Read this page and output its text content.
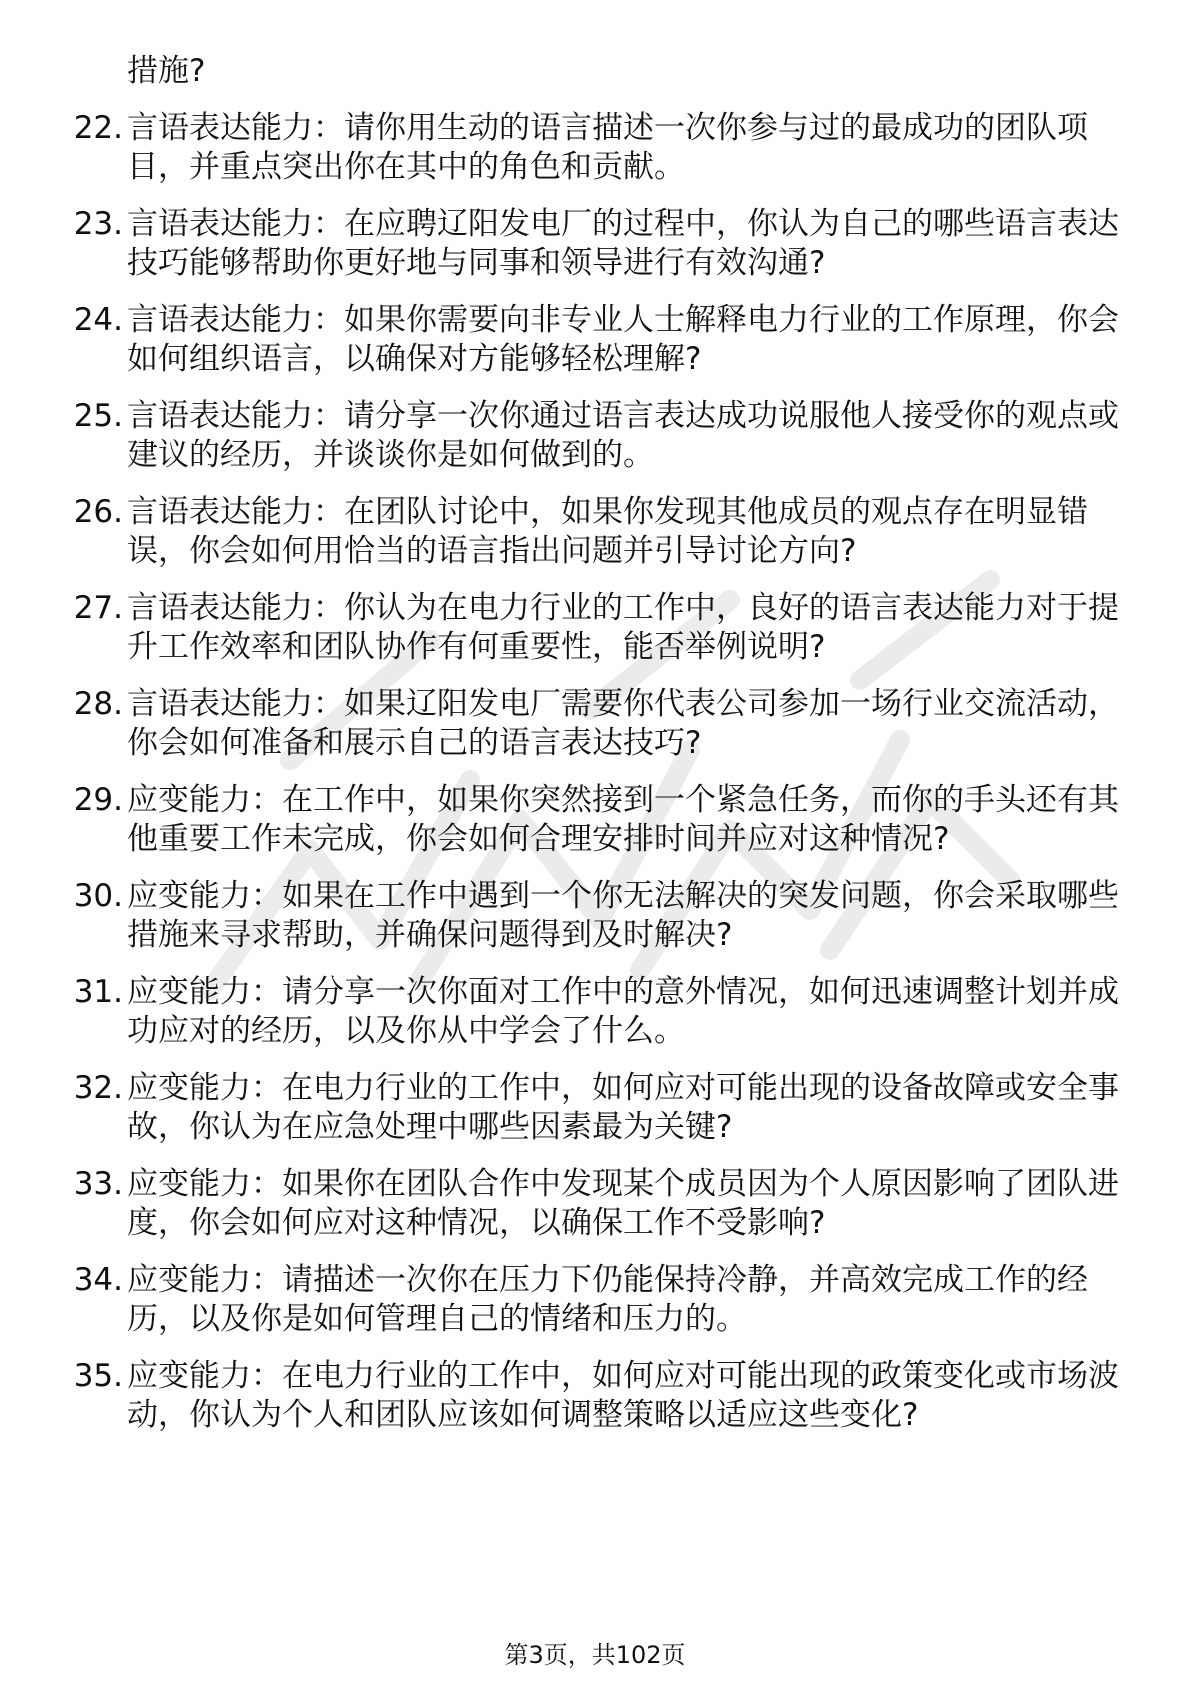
措施?
22. 言语表达能力：请你用生动的语言描述一次你参与过的最成功的团队项目，并重点突出你在其中的角色和贡献。
23. 言语表达能力：在应聘辽阳发电厂的过程中，你认为自己的哪些语言表达技巧能够帮助你更好地与同事和领导进行有效沟通?
24. 言语表达能力：如果你需要向非专业人士解释电力行业的工作原理，你会如何组织语言，以确保对方能够轻松理解?
25. 言语表达能力：请分享一次你通过语言表达成功说服他人接受你的观点或建议的经历，并谈谈你是如何做到的。
26. 言语表达能力：在团队讨论中，如果你发现其他成员的观点存在明显错误，你会如何用恰当的语言指出问题并引导讨论方向?
27. 言语表达能力：你认为在电力行业的工作中，良好的语言表达能力对于提升工作效率和团队协作有何重要性，能否举例说明?
28. 言语表达能力：如果辽阳发电厂需要你代表公司参加一场行业交流活动，你会如何准备和展示自己的语言表达技巧?
29. 应变能力：在工作中，如果你突然接到一个紧急任务，而你的手头还有其他重要工作未完成，你会如何合理安排时间并应对这种情况?
30. 应变能力：如果在工作中遇到一个你无法解决的突发问题，你会采取哪些措施来寻求帮助，并确保问题得到及时解决?
31. 应变能力：请分享一次你面对工作中的意外情况，如何迅速调整计划并成功应对的经历，以及你从中学会了什么。
32. 应变能力：在电力行业的工作中，如何应对可能出现的设备故障或安全事故，你认为在应急处理中哪些因素最为关键?
33. 应变能力：如果你在团队合作中发现某个成员因为个人原因影响了团队进度，你会如何应对这种情况，以确保工作不受影响?
34. 应变能力：请描述一次你在压力下仍能保持冷静，并高效完成工作的经历，以及你是如何管理自己的情绪和压力的。
35. 应变能力：在电力行业的工作中，如何应对可能出现的政策变化或市场波动，你认为个人和团队应该如何调整策略以适应这些变化?
第3页，共102页
